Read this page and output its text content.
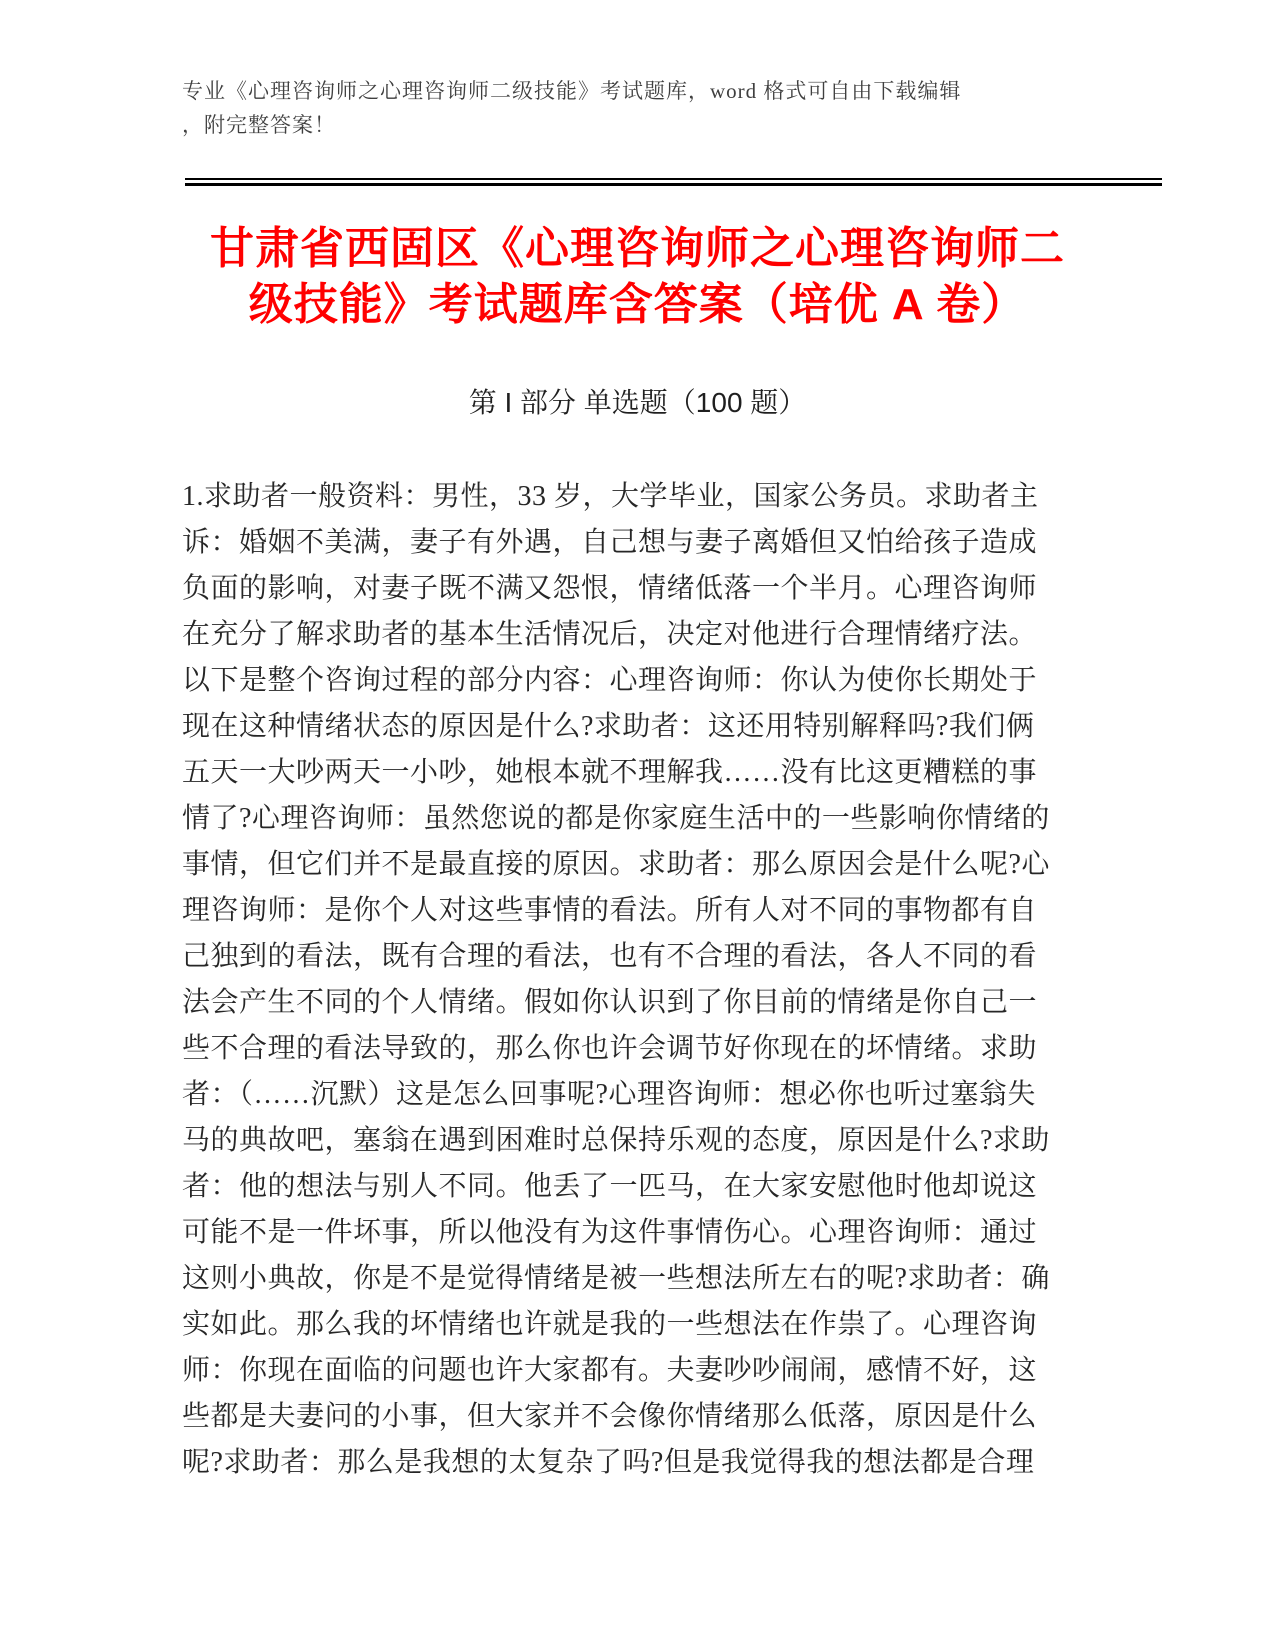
专业《心理咨询师之心理咨询师二级技能》考试题库，word 格式可自由下载编辑
，附完整答案！
甘肃省西固区《心理咨询师之心理咨询师二
级技能》考试题库含答案（培优 A 卷）
第 I 部分 单选题（100 题）
1.求助者一般资料：男性，33 岁，大学毕业，国家公务员。求助者主
诉：婚姻不美满，妻子有外遇，自己想与妻子离婚但又怕给孩子造成
负面的影响，对妻子既不满又怨恨，情绪低落一个半月。心理咨询师
在充分了解求助者的基本生活情况后，决定对他进行合理情绪疗法。
以下是整个咨询过程的部分内容：心理咨询师：你认为使你长期处于
现在这种情绪状态的原因是什么?求助者：这还用特别解释吗?我们俩
五天一大吵两天一小吵，她根本就不理解我……没有比这更糟糕的事
情了?心理咨询师：虽然您说的都是你家庭生活中的一些影响你情绪的
事情，但它们并不是最直接的原因。求助者：那么原因会是什么呢?心
理咨询师：是你个人对这些事情的看法。所有人对不同的事物都有自
己独到的看法，既有合理的看法，也有不合理的看法，各人不同的看
法会产生不同的个人情绪。假如你认识到了你目前的情绪是你自己一
些不合理的看法导致的，那么你也许会调节好你现在的坏情绪。求助
者：（……沉默）这是怎么回事呢?心理咨询师：想必你也听过塞翁失
马的典故吧，塞翁在遇到困难时总保持乐观的态度，原因是什么?求助
者：他的想法与别人不同。他丢了一匹马，在大家安慰他时他却说这
可能不是一件坏事，所以他没有为这件事情伤心。心理咨询师：通过
这则小典故，你是不是觉得情绪是被一些想法所左右的呢?求助者：确
实如此。那么我的坏情绪也许就是我的一些想法在作祟了。心理咨询
师：你现在面临的问题也许大家都有。夫妻吵吵闹闹，感情不好，这
些都是夫妻问的小事，但大家并不会像你情绪那么低落，原因是什么
呢?求助者：那么是我想的太复杂了吗?但是我觉得我的想法都是合理
